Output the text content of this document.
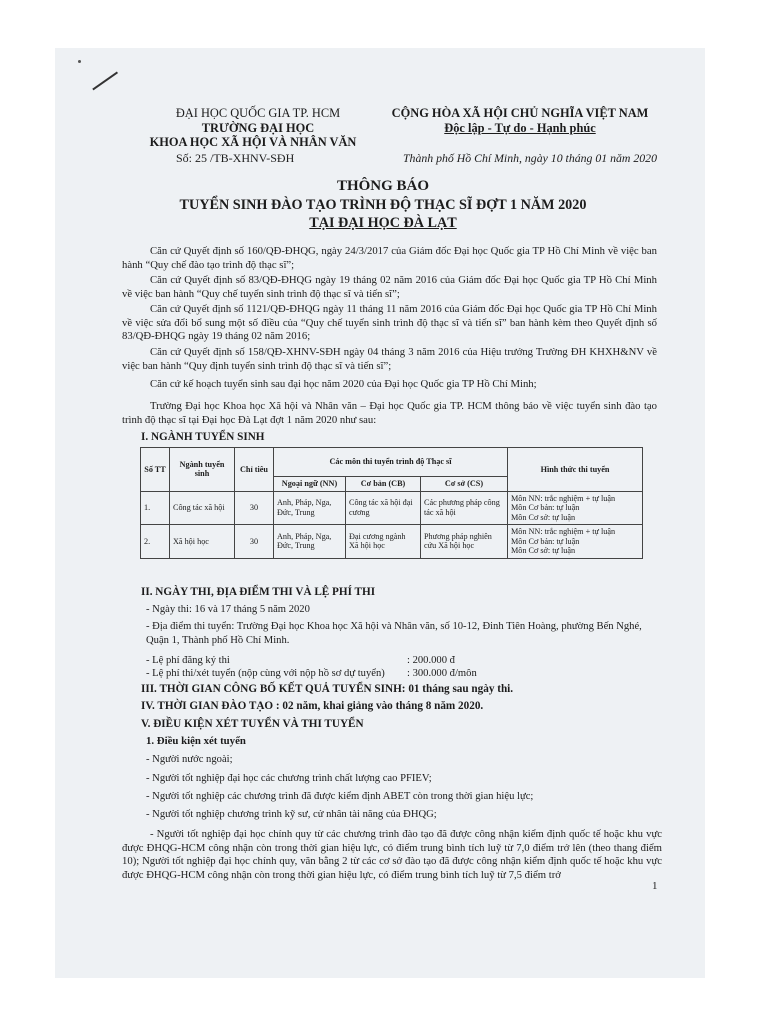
ĐẠI HỌC QUỐC GIA TP. HCM
TRƯỜNG ĐẠI HỌC
KHOA HỌC XÃ HỘI VÀ NHÂN VĂN
Số: 25 /TB-XHNV-SĐH
CỘNG HÒA XÃ HỘI CHỦ NGHĨA VIỆT NAM
Độc lập - Tự do - Hạnh phúc
Thành phố Hồ Chí Minh, ngày 10 tháng 01 năm 2020
THÔNG BÁO
TUYỂN SINH ĐÀO TẠO TRÌNH ĐỘ THẠC SĨ ĐỢT 1 NĂM 2020
TẠI ĐẠI HỌC ĐÀ LẠT
Căn cứ Quyết định số 160/QĐ-ĐHQG, ngày 24/3/2017 của Giám đốc Đại học Quốc gia TP Hồ Chí Minh về việc ban hành “Quy chế đào tạo trình độ thạc sĩ”;
Căn cứ Quyết định số 83/QĐ-ĐHQG ngày 19 tháng 02 năm 2016 của Giám đốc Đại học Quốc gia TP Hồ Chí Minh về việc ban hành “Quy chế tuyển sinh trình độ thạc sĩ và tiến sĩ”;
Căn cứ Quyết định số 1121/QĐ-ĐHQG ngày 11 tháng 11 năm 2016 của Giám đốc Đại học Quốc gia TP Hồ Chí Minh về việc sửa đổi bổ sung một số điều của “Quy chế tuyển sinh trình độ thạc sĩ và tiến sĩ” ban hành kèm theo Quyết định số 83/QĐ-ĐHQG ngày 19 tháng 02 năm 2016;
Căn cứ Quyết định số 158/QĐ-XHNV-SĐH ngày 04 tháng 3 năm 2016 của Hiệu trưởng Trường ĐH KHXH&NV về việc ban hành “Quy định tuyển sinh trình độ thạc sĩ và tiến sĩ”;
Căn cứ kế hoạch tuyển sinh sau đại học năm 2020 của Đại học Quốc gia TP Hồ Chí Minh;
Trường Đại học Khoa học Xã hội và Nhân văn – Đại học Quốc gia TP. HCM thông báo về việc tuyển sinh đào tạo trình độ thạc sĩ tại Đại học Đà Lạt đợt 1 năm 2020 như sau:
I. NGÀNH TUYỂN SINH
Số TT	Ngành tuyển sinh	Chỉ tiêu	Các môn thi tuyển trình độ Thạc sĩ			Hình thức thi tuyển
			Ngoại ngữ (NN)	Cơ bản (CB)	Cơ sở (CS)	
1.	Công tác xã hội	30	Anh, Pháp, Nga, Đức, Trung	Công tác xã hội đại cương	Các phương pháp công tác xã hội	Môn NN: trắc nghiệm + tự luận
Môn Cơ bản: tự luận
Môn Cơ sở: tự luận

2.	Xã hội học	30	Anh, Pháp, Nga, Đức, Trung	Đại cương ngành Xã hội học	Phương pháp nghiên cứu Xã hội học	Môn NN: trắc nghiệm + tự luận
Môn Cơ bản: tự luận
Môn Cơ sở: tự luận
II. NGÀY THI, ĐỊA ĐIỂM THI VÀ LỆ PHÍ THI
- Ngày thi: 16 và 17 tháng 5 năm 2020
- Địa điểm thi tuyển: Trường Đại học Khoa học Xã hội và Nhân văn, số 10-12, Đinh Tiên Hoàng, phường Bến Nghé, Quận 1, Thành phố Hồ Chí Minh.
- Lệ phí đăng ký thi	: 200.000 đ
- Lệ phí thi/xét tuyển (nộp cùng với nộp hồ sơ dự tuyển)	: 300.000 đ/môn
III. THỜI GIAN CÔNG BỐ KẾT QUẢ TUYỂN SINH: 01 tháng sau ngày thi.
IV. THỜI GIAN ĐÀO TẠO : 02 năm, khai giảng vào tháng 8 năm 2020.
V. ĐIỀU KIỆN XÉT TUYỂN VÀ THI TUYỂN
1. Điều kiện xét tuyển
- Người nước ngoài;
- Người tốt nghiệp đại học các chương trình chất lượng cao PFIEV;
- Người tốt nghiệp các chương trình đã được kiểm định ABET còn trong thời gian hiệu lực;
- Người tốt nghiệp chương trình kỹ sư, cử nhân tài năng của ĐHQG;
- Người tốt nghiệp đại học chính quy từ các chương trình đào tạo đã được công nhận kiểm định quốc tế hoặc khu vực được ĐHQG-HCM công nhận còn trong thời gian hiệu lực, có điểm trung bình tích luỹ từ 7,0 điểm trở lên (theo thang điểm 10); Người tốt nghiệp đại học chính quy, văn bằng 2 từ các cơ sở đào tạo đã được công nhận kiểm định quốc tế hoặc khu vực được ĐHQG-HCM công nhận còn trong thời gian hiệu lực, có điểm trung bình tích luỹ từ 7,5 điểm trở
1
